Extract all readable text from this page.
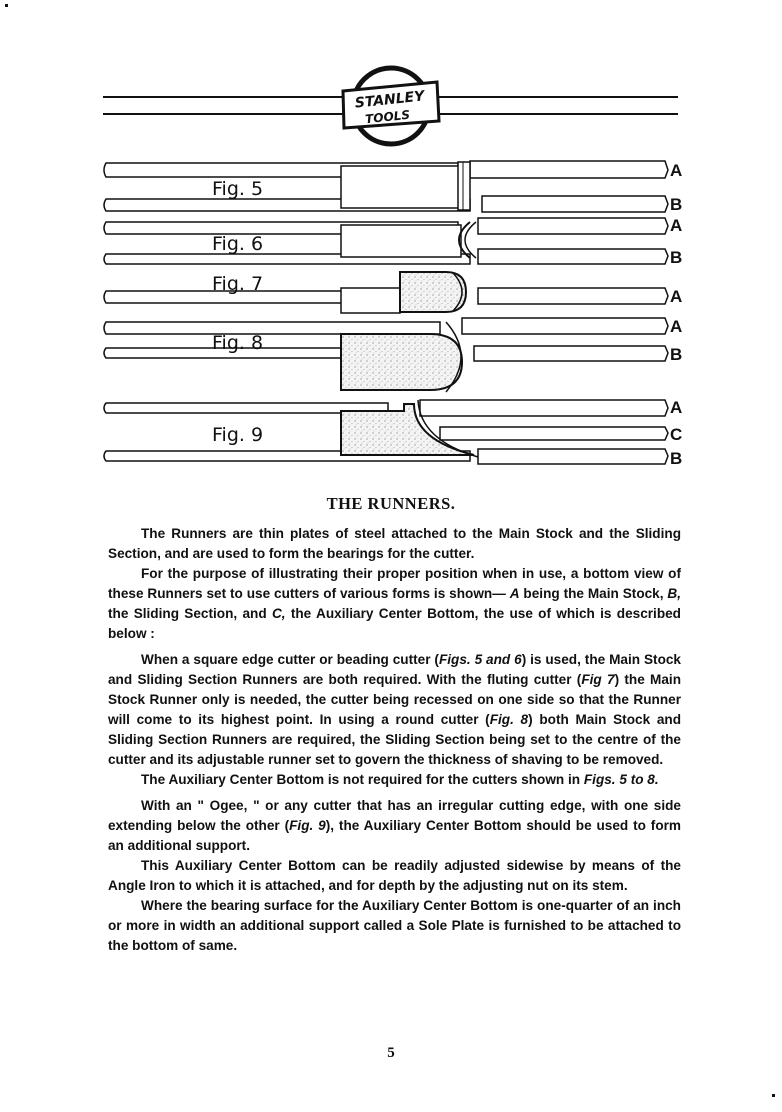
STANLEY
TOOLS
Fig. 5
Fig. 6
Fig. 7
Fig. 8
Fig. 9
A
B
A
B
A
A
B
A
C
B
THE RUNNERS.

The Runners are thin plates of steel attached to the Main Stock and the Sliding Section, and are used to form the bearings for the cutter.

For the purpose of illustrating their proper position when in use, a bottom view of these Runners set to use cutters of various forms is shown— A being the Main Stock, B, the Sliding Section, and C, the Auxiliary Center Bottom, the use of which is described below :

When a square edge cutter or beading cutter (Figs. 5 and 6) is used, the Main Stock and Sliding Section Runners are both required. With the fluting cutter (Fig 7) the Main Stock Runner only is needed, the cutter being recessed on one side so that the Runner will come to its highest point. In using a round cutter (Fig. 8) both Main Stock and Sliding Section Runners are required, the Sliding Section being set to the centre of the cutter and its adjustable runner set to govern the thickness of shaving to be removed.

The Auxiliary Center Bottom is not required for the cutters shown in Figs. 5 to 8.

With an " Ogee, " or any cutter that has an irregular cutting edge, with one side extending below the other (Fig. 9), the Auxiliary Center Bottom should be used to form an additional support.

This Auxiliary Center Bottom can be readily adjusted sidewise by means of the Angle Iron to which it is attached, and for depth by the adjusting nut on its stem.

Where the bearing surface for the Auxiliary Center Bottom is one-quarter of an inch or more in width an additional support called a Sole Plate is furnished to be attached to the bottom of same.

5
